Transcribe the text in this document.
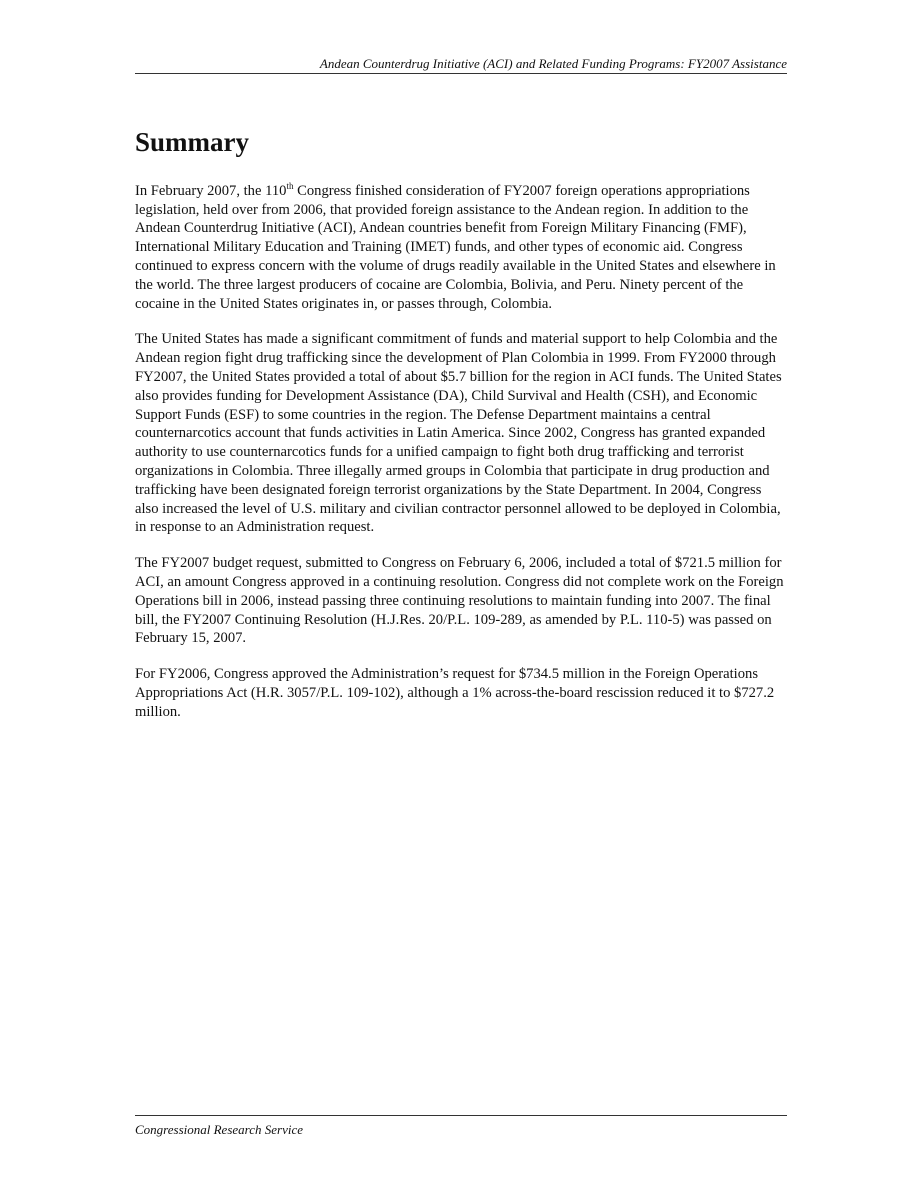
Andean Counterdrug Initiative (ACI) and Related Funding Programs: FY2007 Assistance
Summary

In February 2007, the 110th Congress finished consideration of FY2007 foreign operations appropriations legislation, held over from 2006, that provided foreign assistance to the Andean region. In addition to the Andean Counterdrug Initiative (ACI), Andean countries benefit from Foreign Military Financing (FMF), International Military Education and Training (IMET) funds, and other types of economic aid. Congress continued to express concern with the volume of drugs readily available in the United States and elsewhere in the world. The three largest producers of cocaine are Colombia, Bolivia, and Peru. Ninety percent of the cocaine in the United States originates in, or passes through, Colombia.

The United States has made a significant commitment of funds and material support to help Colombia and the Andean region fight drug trafficking since the development of Plan Colombia in 1999. From FY2000 through FY2007, the United States provided a total of about $5.7 billion for the region in ACI funds. The United States also provides funding for Development Assistance (DA), Child Survival and Health (CSH), and Economic Support Funds (ESF) to some countries in the region. The Defense Department maintains a central counternarcotics account that funds activities in Latin America. Since 2002, Congress has granted expanded authority to use counternarcotics funds for a unified campaign to fight both drug trafficking and terrorist organizations in Colombia. Three illegally armed groups in Colombia that participate in drug production and trafficking have been designated foreign terrorist organizations by the State Department. In 2004, Congress also increased the level of U.S. military and civilian contractor personnel allowed to be deployed in Colombia, in response to an Administration request.

The FY2007 budget request, submitted to Congress on February 6, 2006, included a total of $721.5 million for ACI, an amount Congress approved in a continuing resolution. Congress did not complete work on the Foreign Operations bill in 2006, instead passing three continuing resolutions to maintain funding into 2007. The final bill, the FY2007 Continuing Resolution (H.J.Res. 20/P.L. 109-289, as amended by P.L. 110-5) was passed on February 15, 2007.

For FY2006, Congress approved the Administration’s request for $734.5 million in the Foreign Operations Appropriations Act (H.R. 3057/P.L. 109-102), although a 1% across-the-board rescission reduced it to $727.2 million.

Congressional Research Service
